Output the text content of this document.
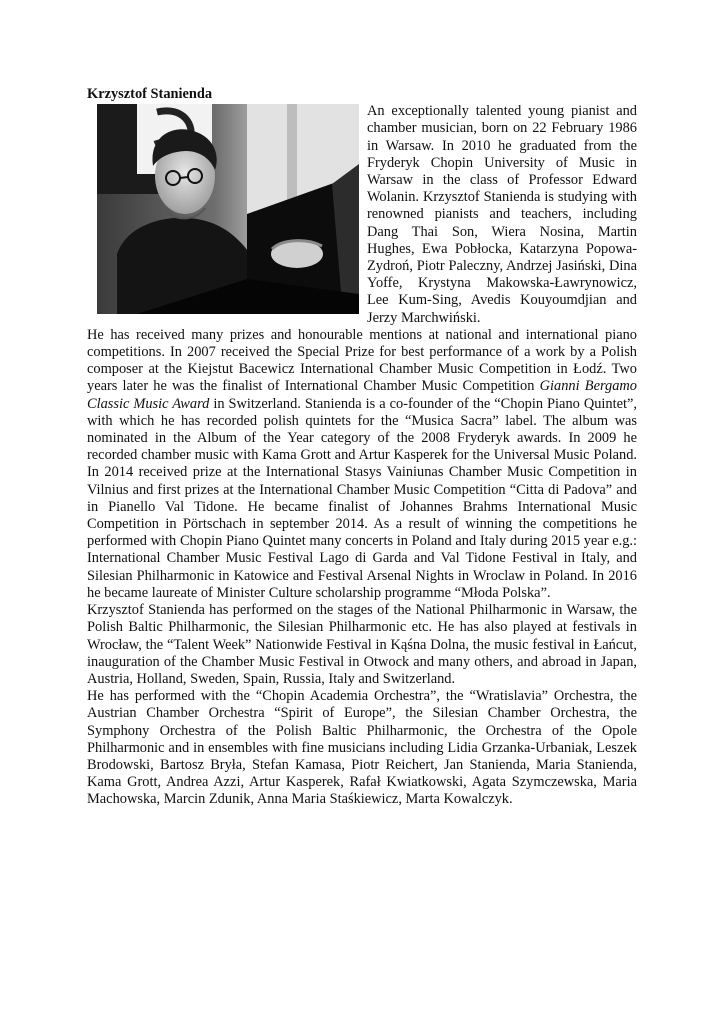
Krzysztof Stanienda

An exceptionally talented young pianist and chamber musician, born on 22 February 1986 in Warsaw. In 2010 he graduated from the Fryderyk Chopin University of Music in Warsaw in the class of Professor Edward Wolanin. Krzysztof Stanienda is studying with renowned pianists and teachers, including Dang Thai Son, Wiera Nosina, Martin Hughes, Ewa Pobłocka, Katarzyna Popowa-Zydroń, Piotr Paleczny, Andrzej Jasiński, Dina Yoffe, Krystyna Makowska-Ławrynowicz, Lee Kum-Sing, Avedis Kouyoumdjian and Jerzy Marchwiński.

He has received many prizes and honourable mentions at national and international piano competitions. In 2007 received the Special Prize for best performance of a work by a Polish composer at the Kiejstut Bacewicz International Chamber Music Competition in Łodź. Two years later he was the finalist of International Chamber Music Competition Gianni Bergamo Classic Music Award in Switzerland. Stanienda is a co-founder of the “Chopin Piano Quintet”, with which he has recorded polish quintets for the “Musica Sacra” label. The album was nominated in the Album of the Year category of the 2008 Fryderyk awards. In 2009 he recorded chamber music with Kama Grott and Artur Kasperek for the Universal Music Poland. In 2014 received prize at the International Stasys Vainiunas Chamber Music Competition in Vilnius and first prizes at the International Chamber Music Competition “Citta di Padova” and in Pianello Val Tidone. He became finalist of Johannes Brahms International Music Competition in Pörtschach in september 2014. As a result of winning the competitions he performed with Chopin Piano Quintet many concerts in Poland and Italy during 2015 year e.g.: International Chamber Music Festival Lago di Garda and Val Tidone Festival in Italy, and Silesian Philharmonic in Katowice and Festival Arsenal Nights in Wroclaw in Poland. In 2016 he became laureate of Minister Culture scholarship programme “Młoda Polska”.

Krzysztof Stanienda has performed on the stages of the National Philharmonic in Warsaw, the Polish Baltic Philharmonic, the Silesian Philharmonic etc. He has also played at festivals in Wrocław, the “Talent Week” Nationwide Festival in Kąśna Dolna, the music festival in Łańcut, inauguration of the Chamber Music Festival in Otwock and many others, and abroad in Japan, Austria, Holland, Sweden, Spain, Russia, Italy and Switzerland.

He has performed with the “Chopin Academia Orchestra”, the “Wratislavia” Orchestra, the Austrian Chamber Orchestra “Spirit of Europe”, the Silesian Chamber Orchestra, the Symphony Orchestra of the Polish Baltic Philharmonic, the Orchestra of the Opole Philharmonic and in ensembles with fine musicians including Lidia Grzanka-Urbaniak, Leszek Brodowski, Bartosz Bryła, Stefan Kamasa, Piotr Reichert, Jan Stanienda, Maria Stanienda, Kama Grott, Andrea Azzi, Artur Kasperek, Rafał Kwiatkowski, Agata Szymczewska, Maria Machowska, Marcin Zdunik, Anna Maria Staśkiewicz, Marta Kowalczyk.
